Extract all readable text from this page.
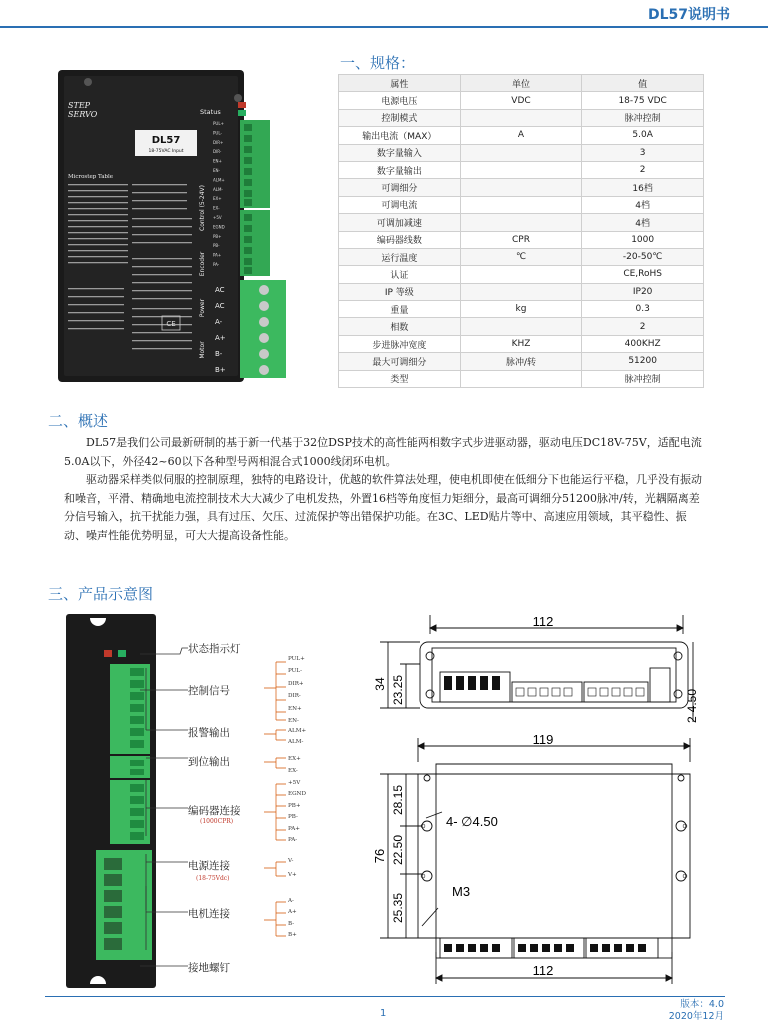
DL57说明书
STEP SERVO
DL57
18-75VAC Input
Microstep Table
CE
Status
Control (5-24V)
Encoder
Power
Motor
PUL+
PUL-
DIR+
DIR-
EN+
EN-
ALM+
ALM-
EX+
EX-
+5V
EGND
PB+
PB-
PA+
PA-
AC
AC
A-
A+
B-
B+
一、规格：
属性	单位	值
电源电压	VDC	18-75 VDC
控制模式		脉冲控制
输出电流（MAX）	A	5.0A
数字量输入		3
数字量输出		2
可调细分		16档
可调电流		4档
可调加减速		4档
编码器线数	CPR	1000
运行温度	℃	-20-50℃
认证		CE,RoHS
IP 等级		IP20
重量	kg	0.3
相数		2
步进脉冲宽度	KHZ	400KHZ
最大可调细分	脉冲/转	51200
类型		脉冲控制
二、概述

DL57是我们公司最新研制的基于新一代基于32位DSP技术的高性能两相数字式步进驱动器，驱动电压DC18V-75V，适配电流 5.0A以下，外径42~60以下各种型号两相混合式1000线闭环电机。

驱动器采样类似伺服的控制原理，独特的电路设计，优越的软件算法处理，使电机即使在低细分下也能运行平稳，几乎没有振动和噪音，平滑、精确地电流控制技术大大减少了电机发热，外置16档等角度恒力矩细分，最高可调细分51200脉冲/转，光耦隔离差分信号输入，抗干扰能力强，具有过压、欠压、过流保护等出错保护功能。在3C、LED贴片等中、高速应用领域，其平稳性、振动、噪声性能优势明显，可大大提高设备性能。

三、产品示意图
状态指示灯
控制信号
报警输出
到位输出
编码器连接
(1000CPR)
电源连接
(18-75Vdc)
电机连接
接地螺钉
PUL+
PUL-
DIR+
DIR-
EN+
EN-
ALM+
ALM-
EX+
EX-
+5V
EGND
PB+
PB-
PA+
PA-
V-
V+
A-
A+
B-
B+
112
34 23.25	2-4.50
119
28.15
4- ∅4.50
76 22.50
M3
25.35
112
1
版本：4.0
2020年12月
